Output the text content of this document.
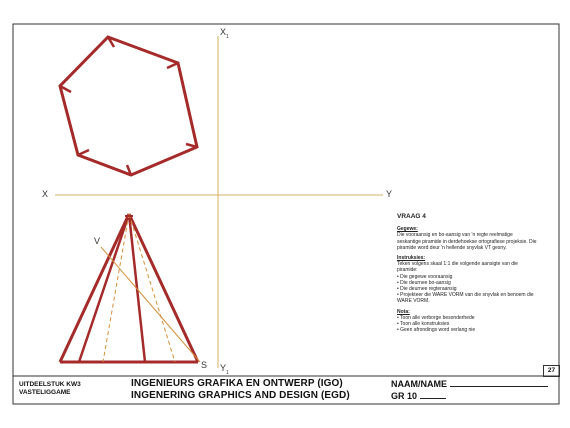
X	Y
$X_1$
$Y_1$
V
S
VRAAG 4
Gegewe:
Die vooraansig en bo-aansig van 'n regte reelmatige
seskantige piramide in derdehoekse ortografiese projeksie. Die
piramide word deur 'n hellende snyvlak VT gesny.
Instruksies:
Teken volgens skaal 1:1 die volgende aansigte van die
piramide:
• Die gegewe vooraansig
• Die deurnee bo-aansig
• Die deurnee regteraansig
• Projekteer die WARE VORM van die snyvlak en benoem die
WARE VORM.
Nota:
• Toon alle verborge besonderhede
• Toon alle konstruksies
• Geen afrondings word verlang nie
27
UITDEELSTUK KW3
VASTELIGGAME
INGENIEURS GRAFIKA EN ONTWERP (IGO)
INGENERING GRAPHICS AND DESIGN (EGD)
NAAM/NAME
GR 10
